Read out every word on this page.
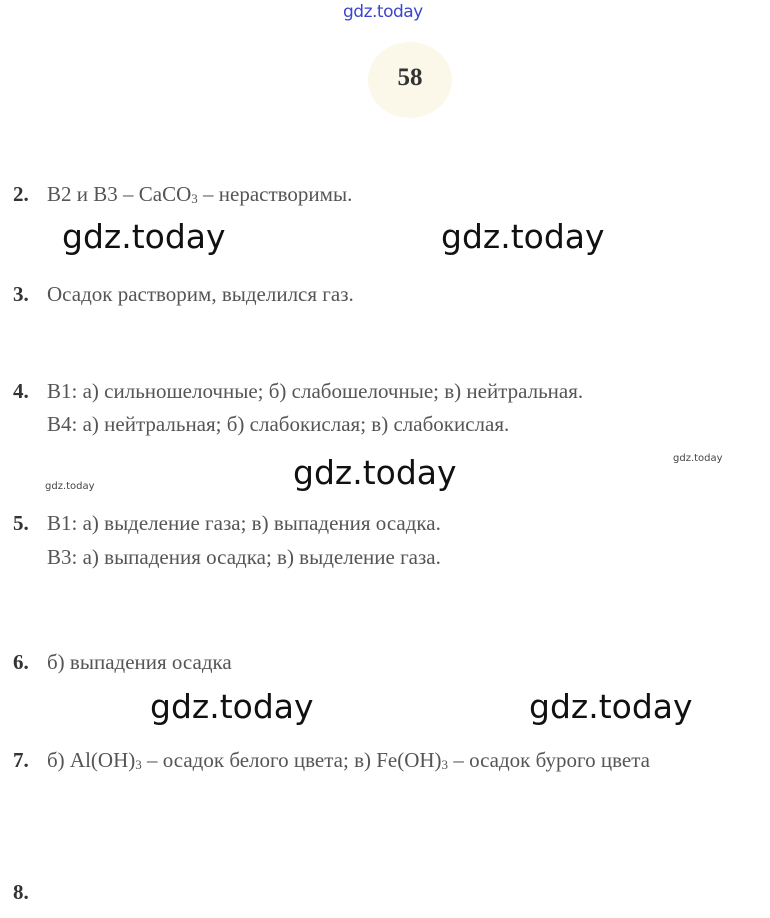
gdz.today
58
2. B2 и B3 – CaCO$_3$ – нерастворимы.
gdz.today	gdz.today
3. Осадок растворим, выделился газ.
4. B1: а) сильношелочные; б) слабошелочные; в) нейтральная.
B4: а) нейтральная; б) слабокислая; в) слабокислая.
gdz.today	gdz.today
gdz.today
5. B1: а) выделение газа; в) выпадения осадка.
B3: а) выпадения осадка; в) выделение газа.
6. б) выпадения осадка
gdz.today	gdz.today
7. б) $Al(OH)_3$ – осадок белого цвета; в) $Fe(OH)_3$ – осадок бурого цвета
8.
